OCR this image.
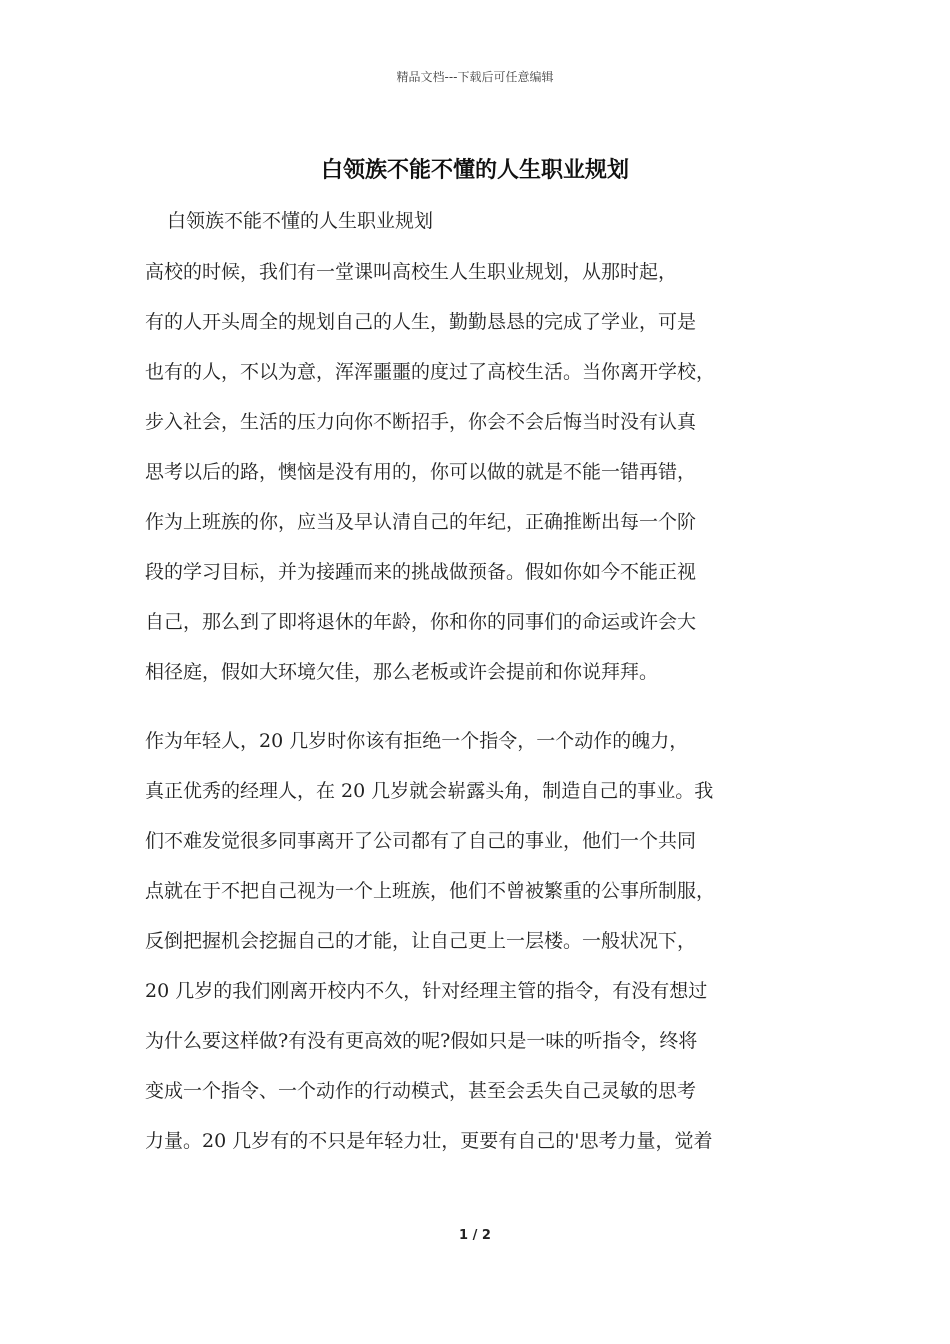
精品文档---下载后可任意编辑
白领族不能不懂的人生职业规划
白领族不能不懂的人生职业规划
高校的时候，我们有一堂课叫高校生人生职业规划，从那时起，
有的人开头周全的规划自己的人生，勤勤恳恳的完成了学业，可是
也有的人，不以为意，浑浑噩噩的度过了高校生活。当你离开学校，
步入社会，生活的压力向你不断招手，你会不会后悔当时没有认真
思考以后的路，懊恼是没有用的，你可以做的就是不能一错再错，
作为上班族的你，应当及早认清自己的年纪，正确推断出每一个阶
段的学习目标，并为接踵而来的挑战做预备。假如你如今不能正视
自己，那么到了即将退休的年龄，你和你的同事们的命运或许会大
相径庭，假如大环境欠佳，那么老板或许会提前和你说拜拜。
作为年轻人，20 几岁时你该有拒绝一个指令，一个动作的魄力，
真正优秀的经理人，在 20 几岁就会崭露头角，制造自己的事业。我
们不难发觉很多同事离开了公司都有了自己的事业，他们一个共同
点就在于不把自己视为一个上班族，他们不曾被繁重的公事所制服，
反倒把握机会挖掘自己的才能，让自己更上一层楼。一般状况下，
20 几岁的我们刚离开校内不久，针对经理主管的指令，有没有想过
为什么要这样做?有没有更高效的呢?假如只是一味的听指令，终将
变成一个指令、一个动作的行动模式，甚至会丢失自己灵敏的思考
力量。20 几岁有的不只是年轻力壮，更要有自己的'思考力量，觉着
1 / 2
